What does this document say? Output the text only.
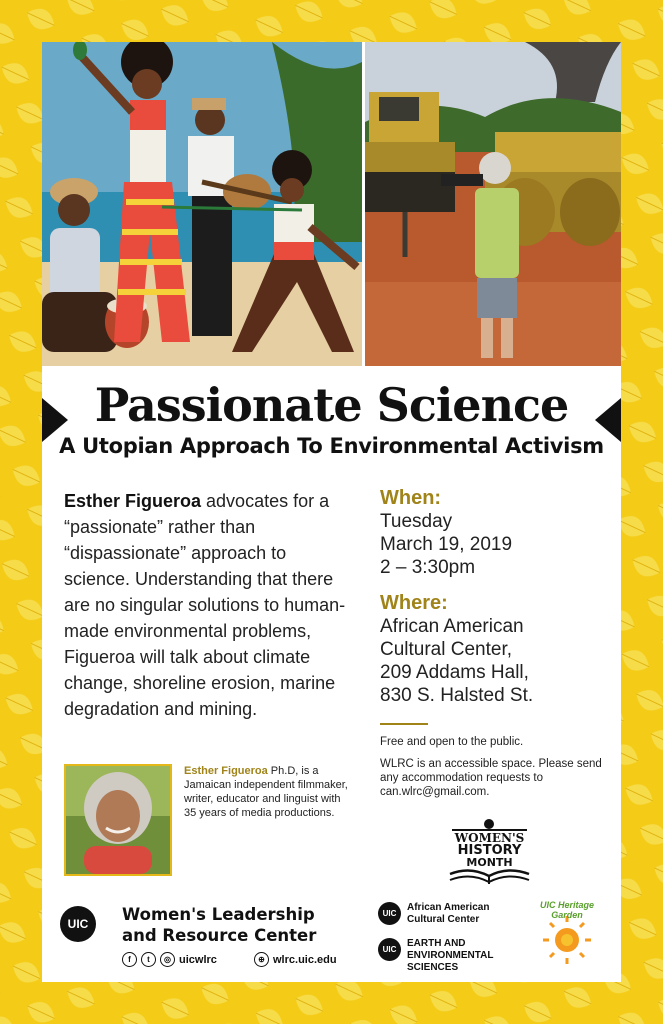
Passionate Science
A Utopian Approach To Environmental Activism
Esther Figueroa advocates for a “passionate” rather than “dispassionate” approach to science. Understanding that there are no singular solutions to human-made environmental problems, Figueroa will talk about climate change, shoreline erosion, marine degradation and mining.
When:
Tuesday
March 19, 2019
2 – 3:30pm
Where:
African American
Cultural Center,
209 Addams Hall,
830 S. Halsted St.
Free and open to the public.
WLRC is an accessible space. Please send any accommodation requests to can.wlrc@gmail.com.
Esther Figueroa Ph.D, is a Jamaican independent filmmaker, writer, educator and linguist with 35 years of media productions.
WOMEN'S
HISTORY
MONTH
UIC	Women's Leadership
and Resource Center
f	t	◎ uicwlrc	⊕ wlrc.uic.edu
UIC
African American
Cultural Center
UIC
EARTH AND
ENVIRONMENTAL
SCIENCES
UIC Heritage Garden
